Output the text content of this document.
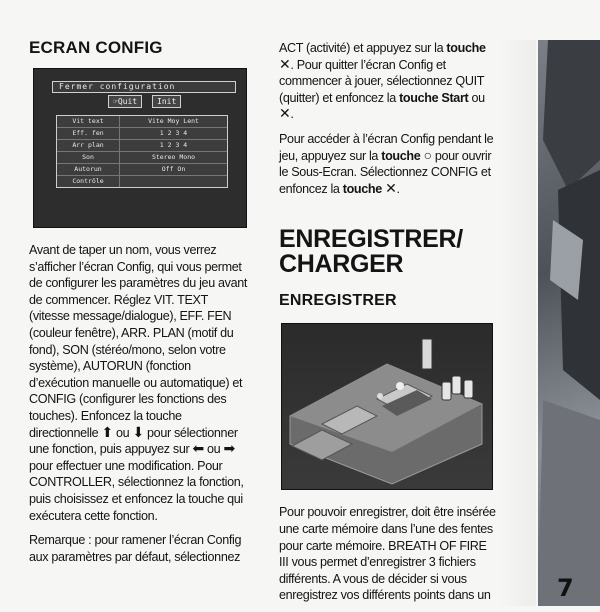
ECRAN CONFIG
Fermer configuration
☞Quit	Init
Vit text	Vite Moy Lent
Eff. fen	1 2 3 4
Arr plan	1 2 3 4
Son	Stereo Mono
Autorun	Off On
Contrôle

Avant de taper un nom, vous verrez s’afficher l’écran Config, qui vous permet de configurer les paramètres du jeu avant de commencer. Réglez VIT. TEXT (vitesse message/dialogue), EFF. FEN (couleur fenêtre), ARR. PLAN (motif du fond), SON (stéréo/mono, selon votre système), AUTORUN (fonction d’exécution manuelle ou automatique) et CONFIG (configurer les fonctions des touches). Enfoncez la touche directionnelle ⬆ ou ⬇ pour sélectionner une fonction, puis appuyez sur ⬅ ou ➡ pour effectuer une modification. Pour CONTROLLER, sélectionnez la fonction, puis choisissez et enfoncez la touche qui exécutera cette fonction.

Remarque : pour ramener l’écran Config aux paramètres par défaut, sélectionnez

ACT (activité) et appuyez sur la touche ✕. Pour quitter l’écran Config et commencer à jouer, sélectionnez QUIT (quitter) et enfoncez la touche Start ou ✕.

Pour accéder à l’écran Config pendant le jeu, appuyez sur la touche ○ pour ouvrir le Sous-Ecran. Sélectionnez CONFIG et enfoncez la touche ✕.

ENREGISTRER/
CHARGER
ENREGISTRER

Pour pouvoir enregistrer, doit être insérée une carte mémoire dans l’une des fentes pour carte mémoire. BREATH OF FIRE III vous permet d’enregistrer 3 fichiers différents. A vous de décider si vous enregistrez vos différents points dans un	7
